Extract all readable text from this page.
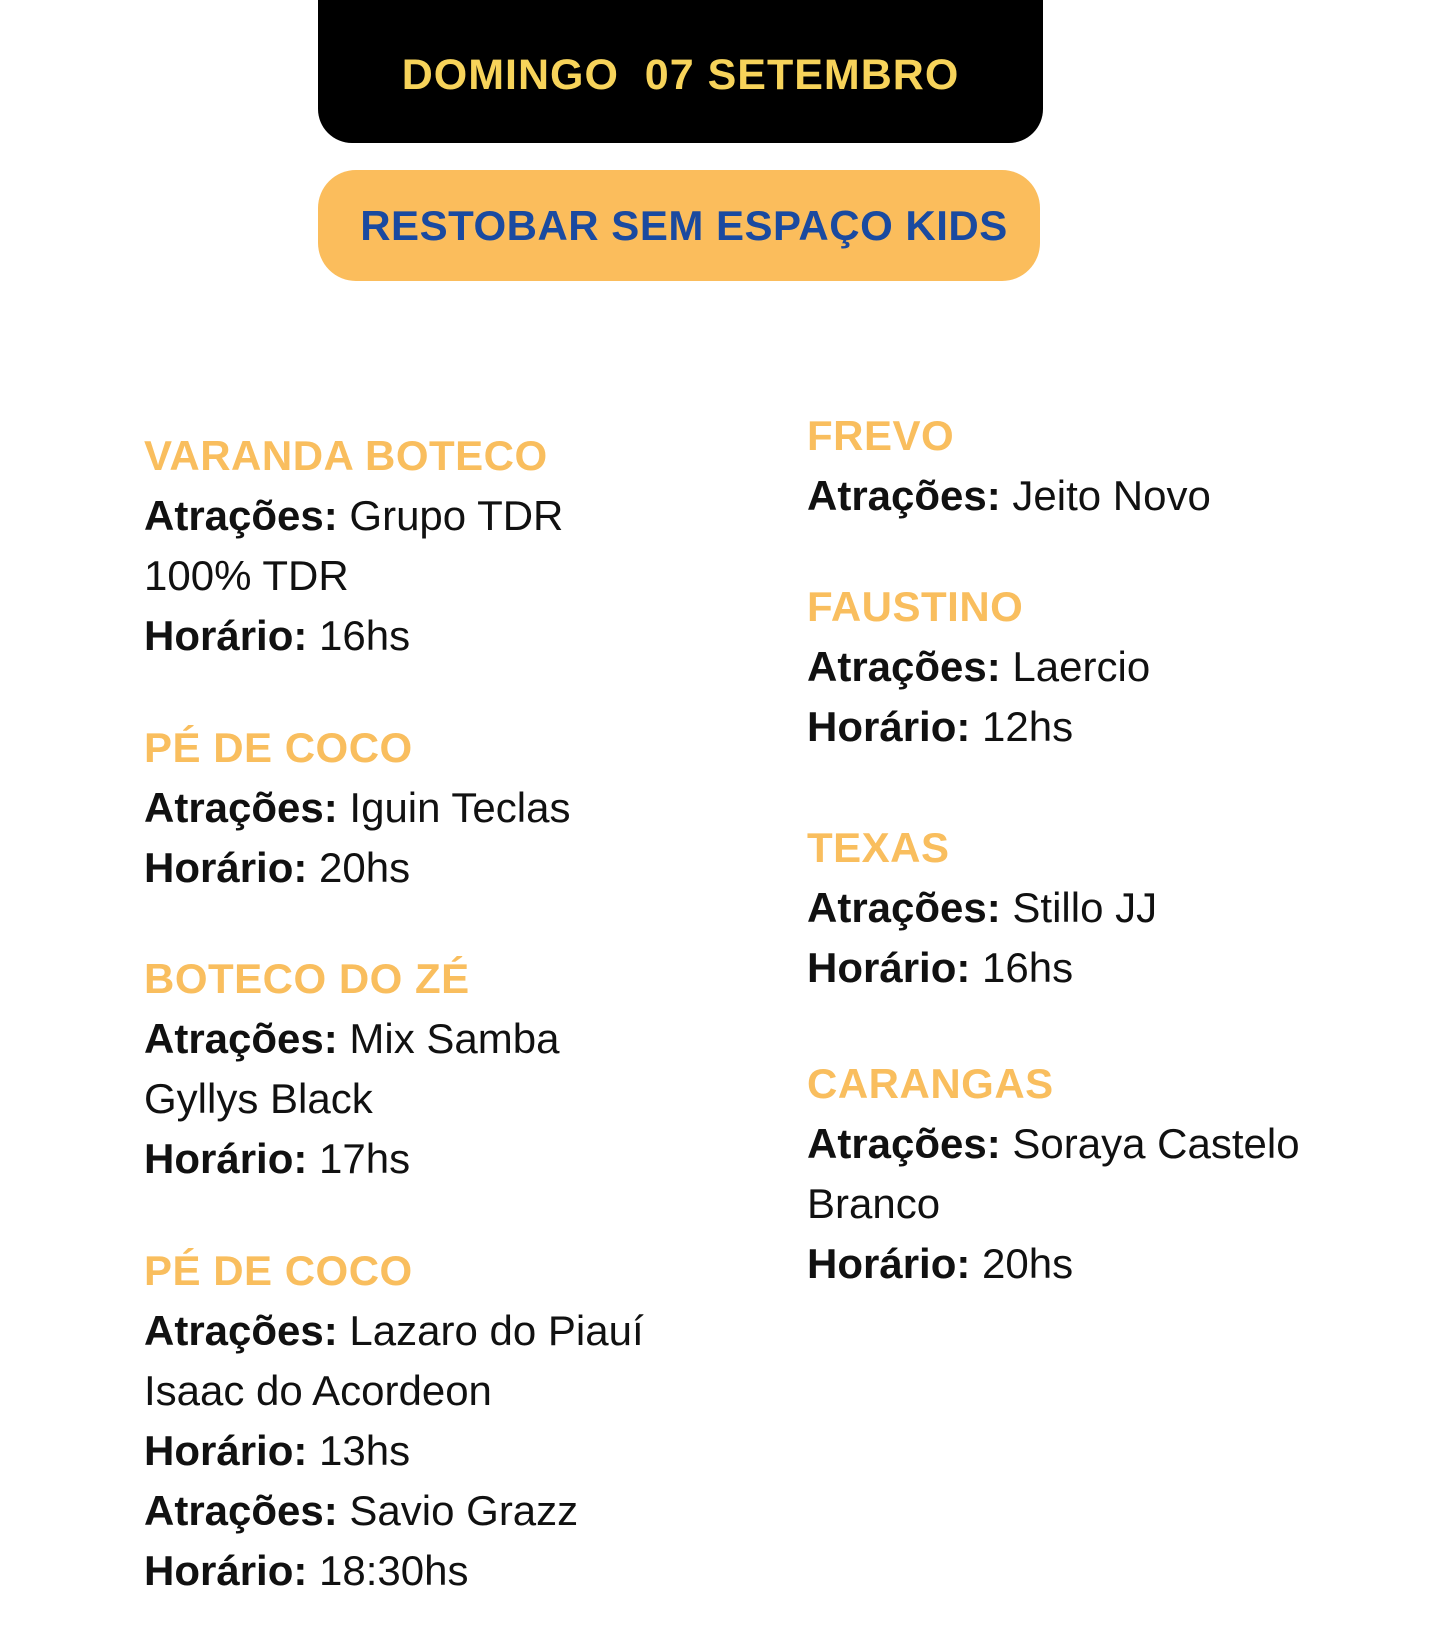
DOMINGO  07 SETEMBRO
RESTOBAR SEM ESPAÇO KIDS
VARANDA BOTECO
Atrações: Grupo TDR
100% TDR
Horário: 16hs
PÉ DE COCO
Atrações: Iguin Teclas
Horário: 20hs
BOTECO DO ZÉ
Atrações: Mix Samba
Gyllys Black
Horário: 17hs
PÉ DE COCO
Atrações: Lazaro do Piauí
Isaac do Acordeon
Horário: 13hs
Atrações: Savio Grazz
Horário: 18:30hs
FREVO
Atrações: Jeito Novo
FAUSTINO
Atrações: Laercio
Horário: 12hs
TEXAS
Atrações: Stillo JJ
Horário: 16hs
CARANGAS
Atrações: Soraya Castelo
Branco
Horário: 20hs
